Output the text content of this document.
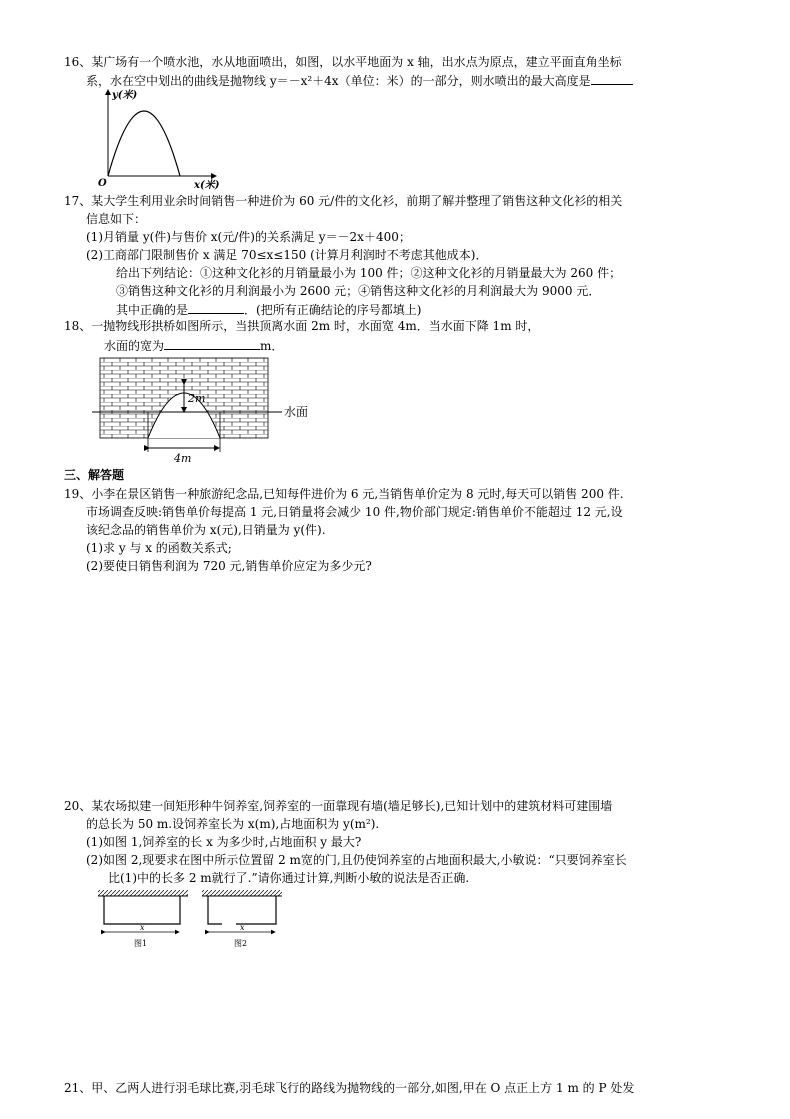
16、某广场有一个喷水池，水从地面喷出，如图，以水平地面为 x 轴，出水点为原点，建立平面直角坐标
系，水在空中划出的曲线是抛物线 y＝－x²＋4x（单位：米）的一部分，则水喷出的最大高度是
y(米)
x(米)
O
17、某大学生利用业余时间销售一种进价为 60 元/件的文化衫，前期了解并整理了销售这种文化衫的相关
信息如下：
(1)月销量 y(件)与售价 x(元/件)的关系满足 y＝－2x＋400；
(2)工商部门限制售价 x 满足 70≤x≤150 (计算月利润时不考虑其他成本)．
给出下列结论：①这种文化衫的月销量最小为 100 件；②这种文化衫的月销量最大为 260 件；
③销售这种文化衫的月利润最小为 2600 元；④销售这种文化衫的月利润最大为 9000 元．
其中正确的是	．(把所有正确结论的序号都填上)
18、一抛物线形拱桥如图所示，当拱顶离水面 2m 时，水面宽 4m．当水面下降 1m 时，
水面的宽为	m．
2m
4m
水面
三、解答题
19、小李在景区销售一种旅游纪念品,已知每件进价为 6 元,当销售单价定为 8 元时,每天可以销售 200 件.
市场调查反映:销售单价每提高 1 元,日销量将会减少 10 件,物价部门规定:销售单价不能超过 12 元,设
该纪念品的销售单价为 x(元),日销量为 y(件).
(1)求 y 与 x 的函数关系式;
(2)要使日销售利润为 720 元,销售单价应定为多少元?
20、某农场拟建一间矩形种牛饲养室,饲养室的一面靠现有墙(墙足够长),已知计划中的建筑材料可建围墙
的总长为 50 m.设饲养室长为 x(m),占地面积为 y(m²).
(1)如图 1,饲养室的长 x 为多少时,占地面积 y 最大?
(2)如图 2,现要求在图中所示位置留 2 m宽的门,且仍使饲养室的占地面积最大,小敏说：“只要饲养室长
比(1)中的长多 2 m就行了.”请你通过计算,判断小敏的说法是否正确.
x
图1
x
图2
21、甲、乙两人进行羽毛球比赛,羽毛球飞行的路线为抛物线的一部分,如图,甲在 O 点正上方 1 m 的 P 处发
